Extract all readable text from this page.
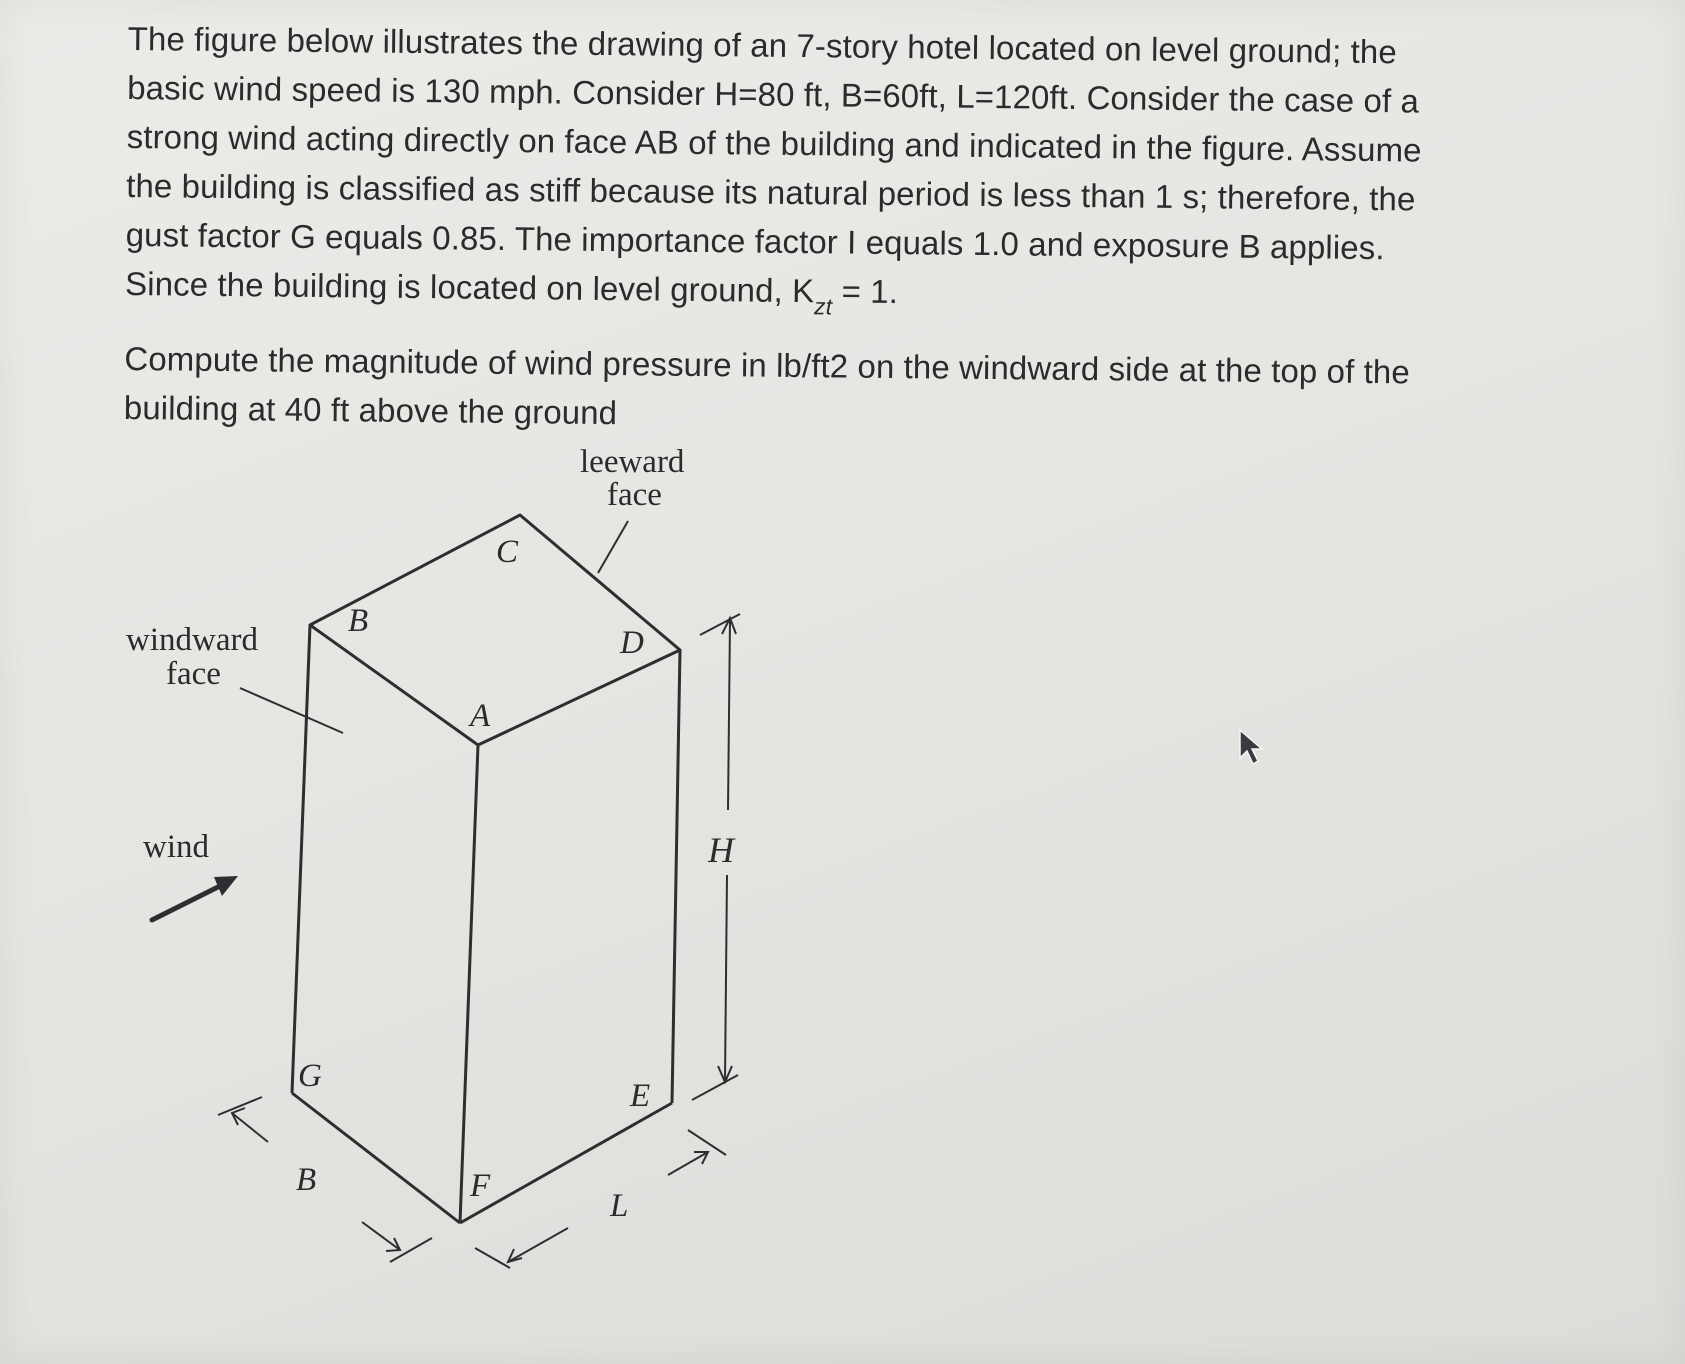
The figure below illustrates the drawing of an 7-story hotel located on level ground; the
basic wind speed is 130 mph. Consider H=80 ft, B=60ft, L=120ft. Consider the case of a
strong wind acting directly on face AB of the building and indicated in the figure. Assume
the building is classified as stiff because its natural period is less than 1 s; therefore, the
gust factor G equals 0.85. The importance factor I equals 1.0 and exposure B applies.
Since the building is located on level ground, $K_{zt} = 1$.

Compute the magnitude of wind pressure in lb/ft2 on the windward side at the top of the
building at 40 ft above the ground

leeward
face
windward
face
wind
B
C
D
A
G
E
F
B
L
H
